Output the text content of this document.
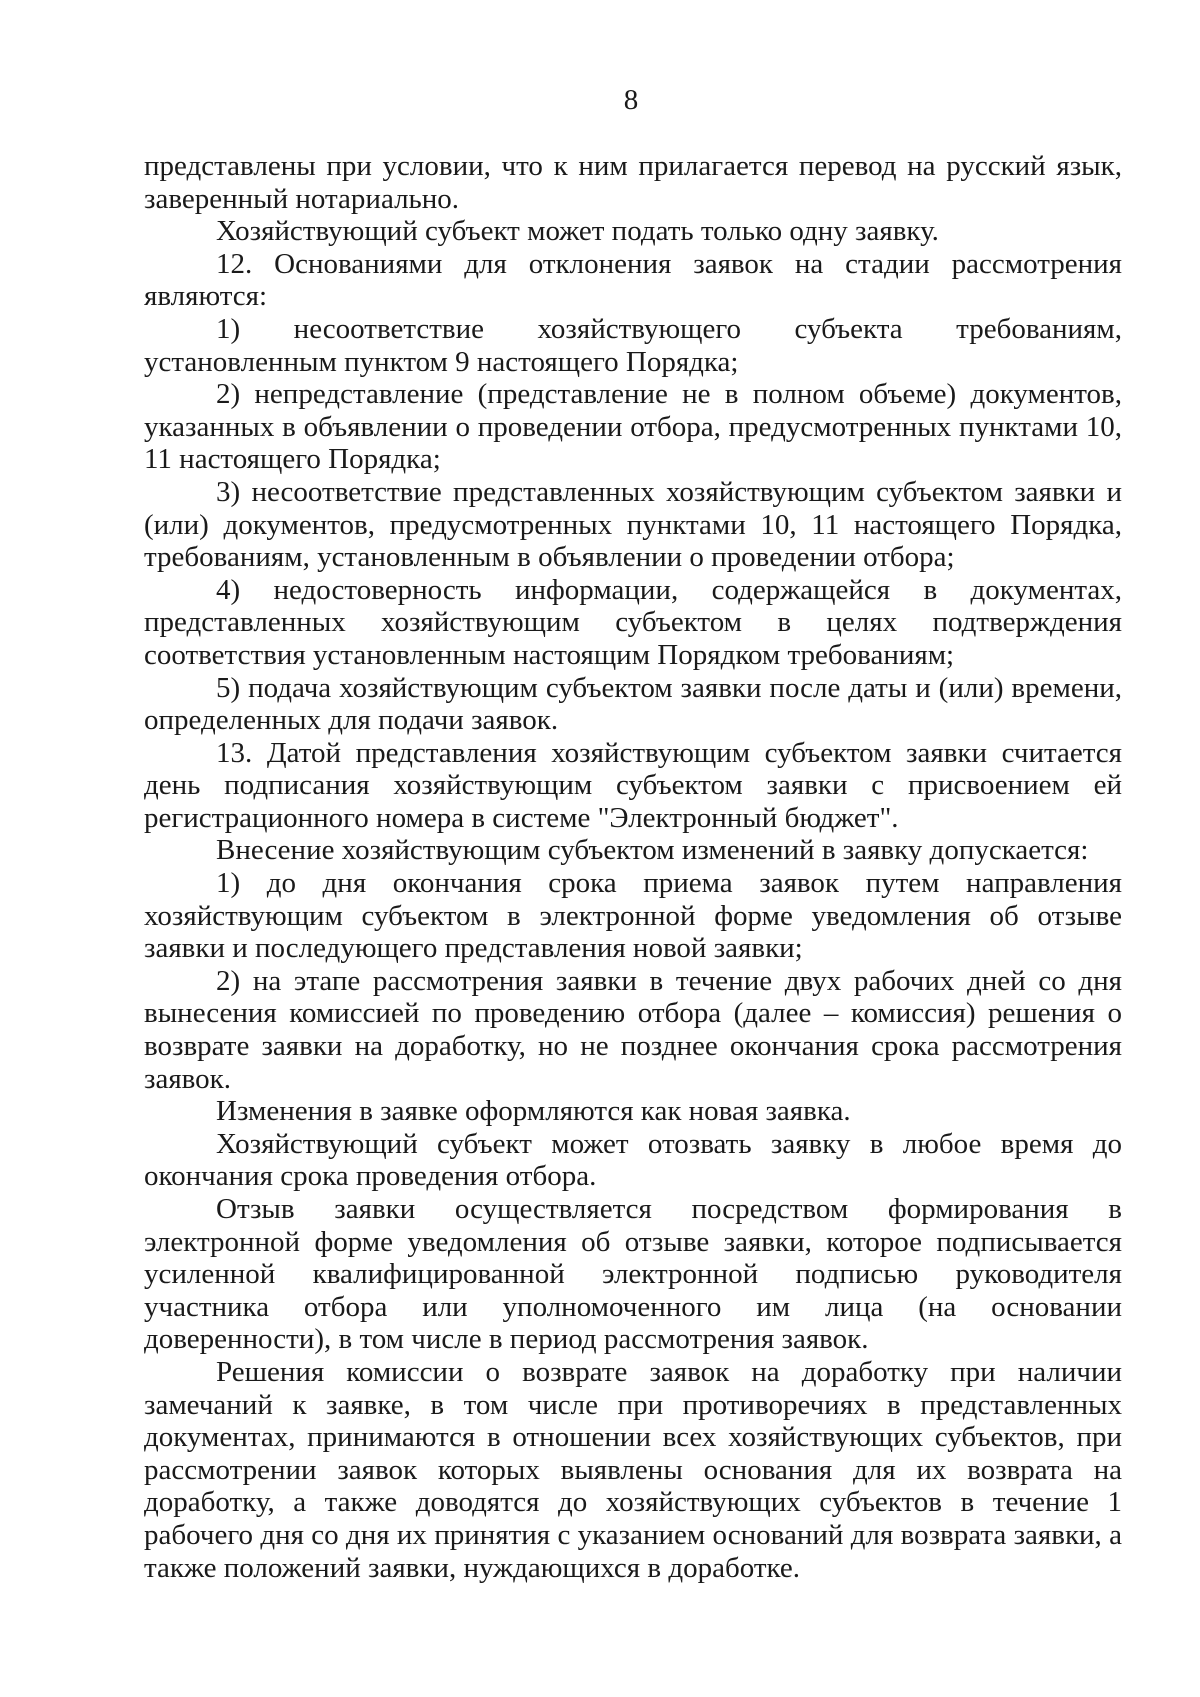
8

представлены при условии, что к ним прилагается перевод на русский язык, заверенный нотариально.

Хозяйствующий субъект может подать только одну заявку.

12. Основаниями для отклонения заявок на стадии рассмотрения являются:

1) несоответствие хозяйствующего субъекта требованиям, установленным пунктом 9 настоящего Порядка;

2) непредставление (представление не в полном объеме) документов, указанных в объявлении о проведении отбора, предусмотренных пунктами 10, 11 настоящего Порядка;

3) несоответствие представленных хозяйствующим субъектом заявки и (или) документов, предусмотренных пунктами 10, 11 настоящего Порядка, требованиям, установленным в объявлении о проведении отбора;

4) недостоверность информации, содержащейся в документах, представленных хозяйствующим субъектом в целях подтверждения соответствия установленным настоящим Порядком требованиям;

5) подача хозяйствующим субъектом заявки после даты и (или) времени, определенных для подачи заявок.

13. Датой представления хозяйствующим субъектом заявки считается день подписания хозяйствующим субъектом заявки с присвоением ей регистрационного номера в системе "Электронный бюджет".

Внесение хозяйствующим субъектом изменений в заявку допускается:

1) до дня окончания срока приема заявок путем направления хозяйствующим субъектом в электронной форме уведомления об отзыве заявки и последующего представления новой заявки;

2) на этапе рассмотрения заявки в течение двух рабочих дней со дня вынесения комиссией по проведению отбора (далее – комиссия) решения о возврате заявки на доработку, но не позднее окончания срока рассмотрения заявок.

Изменения в заявке оформляются как новая заявка.

Хозяйствующий субъект может отозвать заявку в любое время до окончания срока проведения отбора.

Отзыв заявки осуществляется посредством формирования в электронной форме уведомления об отзыве заявки, которое подписывается усиленной квалифицированной электронной подписью руководителя участника отбора или уполномоченного им лица (на основании доверенности), в том числе в период рассмотрения заявок.

Решения комиссии о возврате заявок на доработку при наличии замечаний к заявке, в том числе при противоречиях в представленных документах, принимаются в отношении всех хозяйствующих субъектов, при рассмотрении заявок которых выявлены основания для их возврата на доработку, а также доводятся до хозяйствующих субъектов в течение 1 рабочего дня со дня их принятия с указанием оснований для возврата заявки, а также положений заявки, нуждающихся в доработке.
